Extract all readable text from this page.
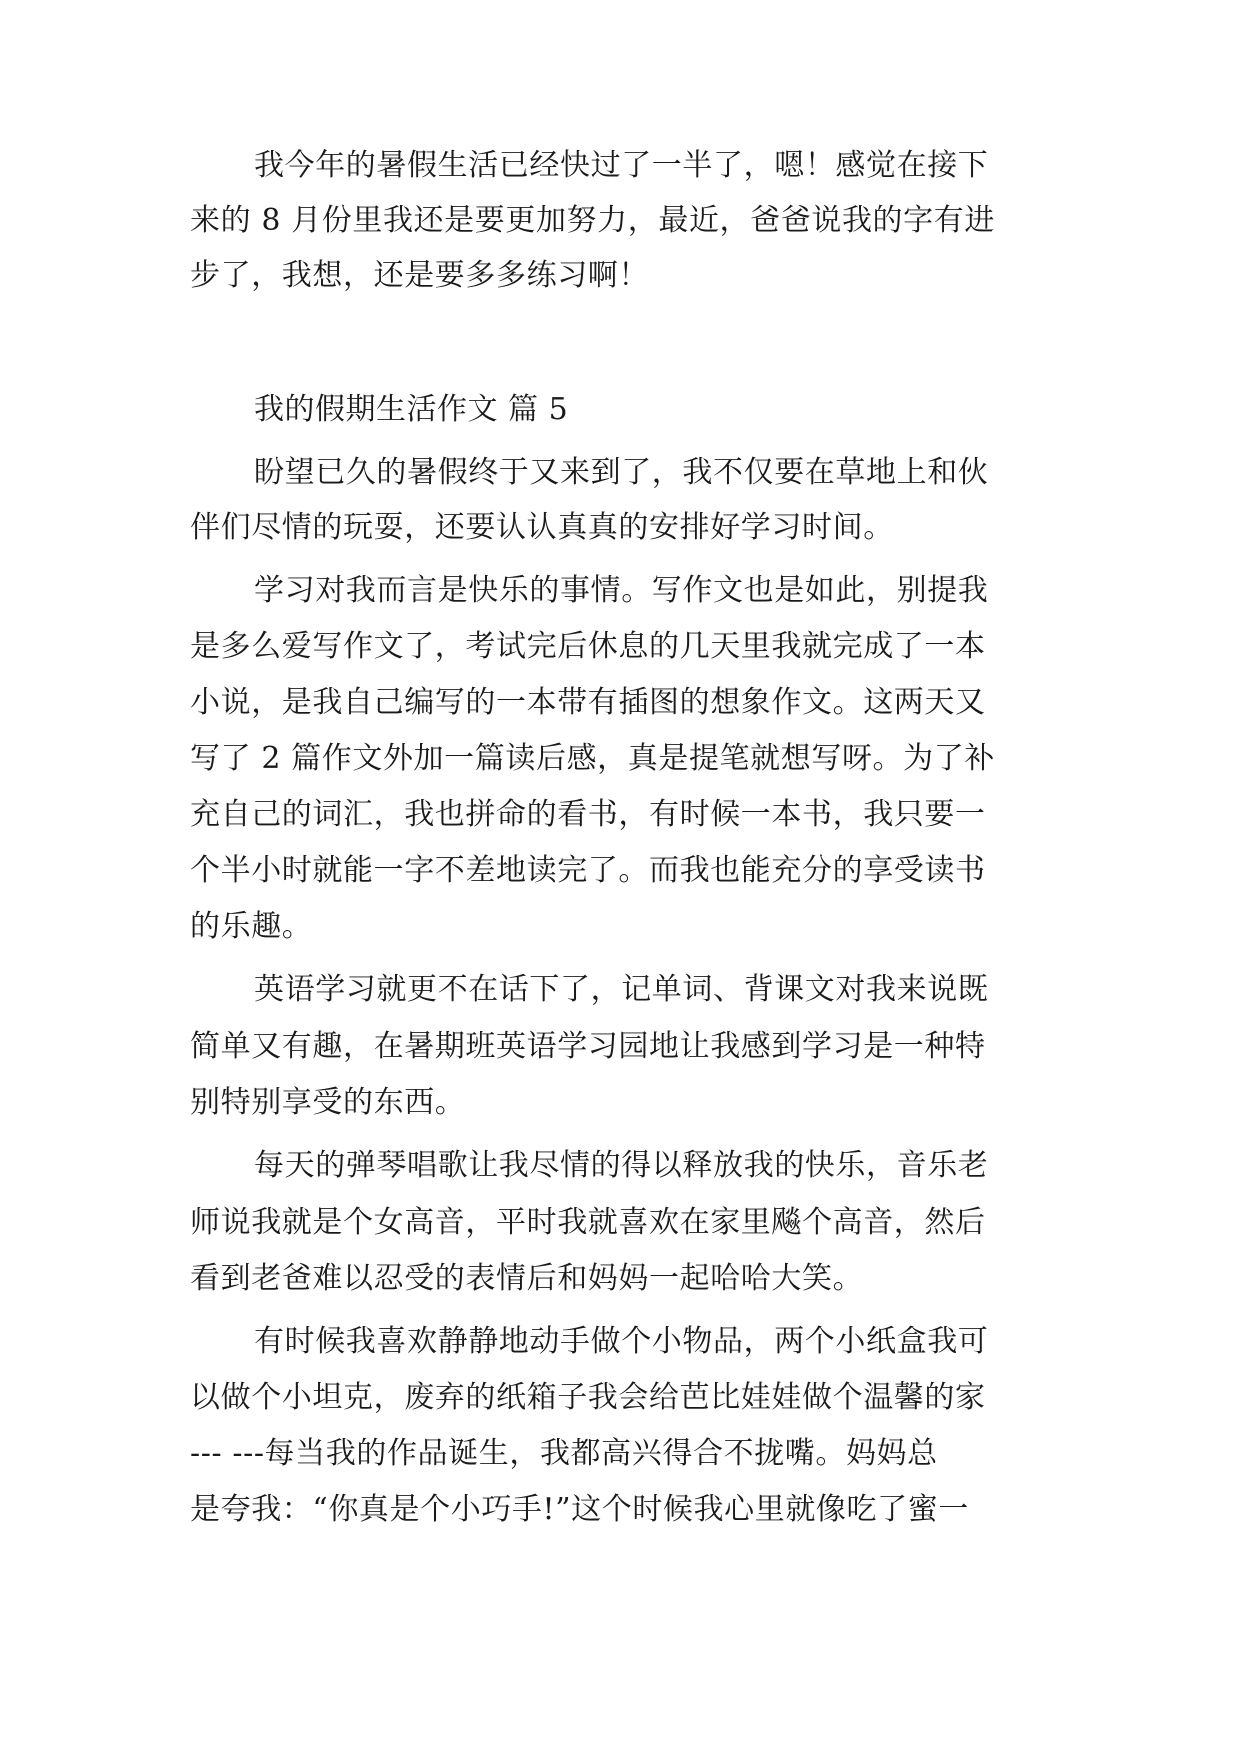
我今年的暑假生活已经快过了一半了，嗯！感觉在接下
来的 8 月份里我还是要更加努力，最近，爸爸说我的字有进
步了，我想，还是要多多练习啊！
我的假期生活作文 篇 5
盼望已久的暑假终于又来到了，我不仅要在草地上和伙
伴们尽情的玩耍，还要认认真真的安排好学习时间。
学习对我而言是快乐的事情。写作文也是如此，别提我
是多么爱写作文了，考试完后休息的几天里我就完成了一本
小说，是我自己编写的一本带有插图的想象作文。这两天又
写了 2 篇作文外加一篇读后感，真是提笔就想写呀。为了补
充自己的词汇，我也拼命的看书，有时候一本书，我只要一
个半小时就能一字不差地读完了。而我也能充分的享受读书
的乐趣。
英语学习就更不在话下了，记单词、背课文对我来说既
简单又有趣，在暑期班英语学习园地让我感到学习是一种特
别特别享受的东西。
每天的弹琴唱歌让我尽情的得以释放我的快乐，音乐老
师说我就是个女高音，平时我就喜欢在家里飚个高音，然后
看到老爸难以忍受的表情后和妈妈一起哈哈大笑。
有时候我喜欢静静地动手做个小物品，两个小纸盒我可
以做个小坦克，废弃的纸箱子我会给芭比娃娃做个温馨的家
--- ---每当我的作品诞生，我都高兴得合不拢嘴。妈妈总
是夸我：“你真是个小巧手!”这个时候我心里就像吃了蜜一
